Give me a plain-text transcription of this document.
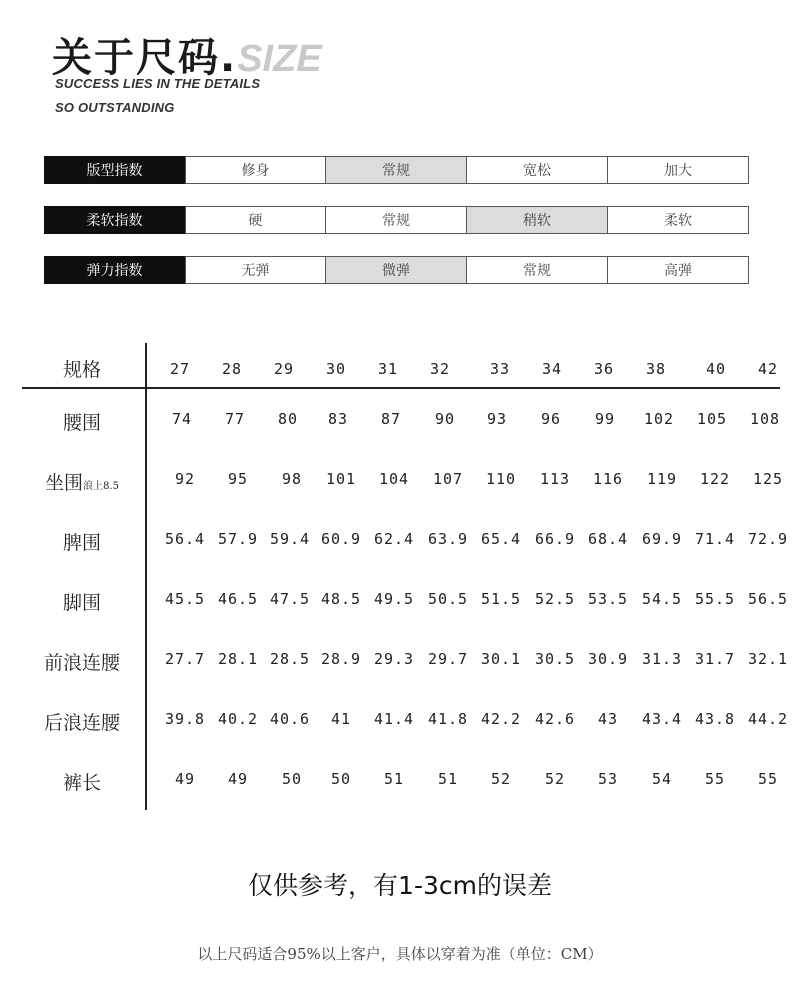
关于尺码.SIZE
SUCCESS LIES IN THE DETAILS
SO OUTSTANDING
版型指数	修身	常规	宽松	加大
柔软指数	硬	常规	稍软	柔软
弹力指数	无弹	微弹	常规	高弹
规格	27	28	29	30	31	32	33	34	36	38	40	42
腰围	74	77	80	83	87	90	93	96	99	102	105	108
坐围浪上8.5	92	95	98	101	104	107	110	113	116	119	122	125
脾围	56.4 57.9 59.4 60.9 62.4 63.9 65.4 66.9 68.4 69.9 71.4 72.9
脚围	45.5 46.5 47.5 48.5 49.5 50.5 51.5 52.5 53.5 54.5 55.5 56.5
前浪连腰	27.7 28.1 28.5 28.9 29.3 29.7 30.1 30.5 30.9 31.3 31.7 32.1
后浪连腰	39.8 40.2 40.6	41	41.4 41.8 42.2 42.6	43	43.4 43.8 44.2
裤长	49	49	50	50	51	51	52	52	53	54	55	55
仅供参考，有1-3cm的误差
以上尺码适合95%以上客户，具体以穿着为准（单位：CM）
